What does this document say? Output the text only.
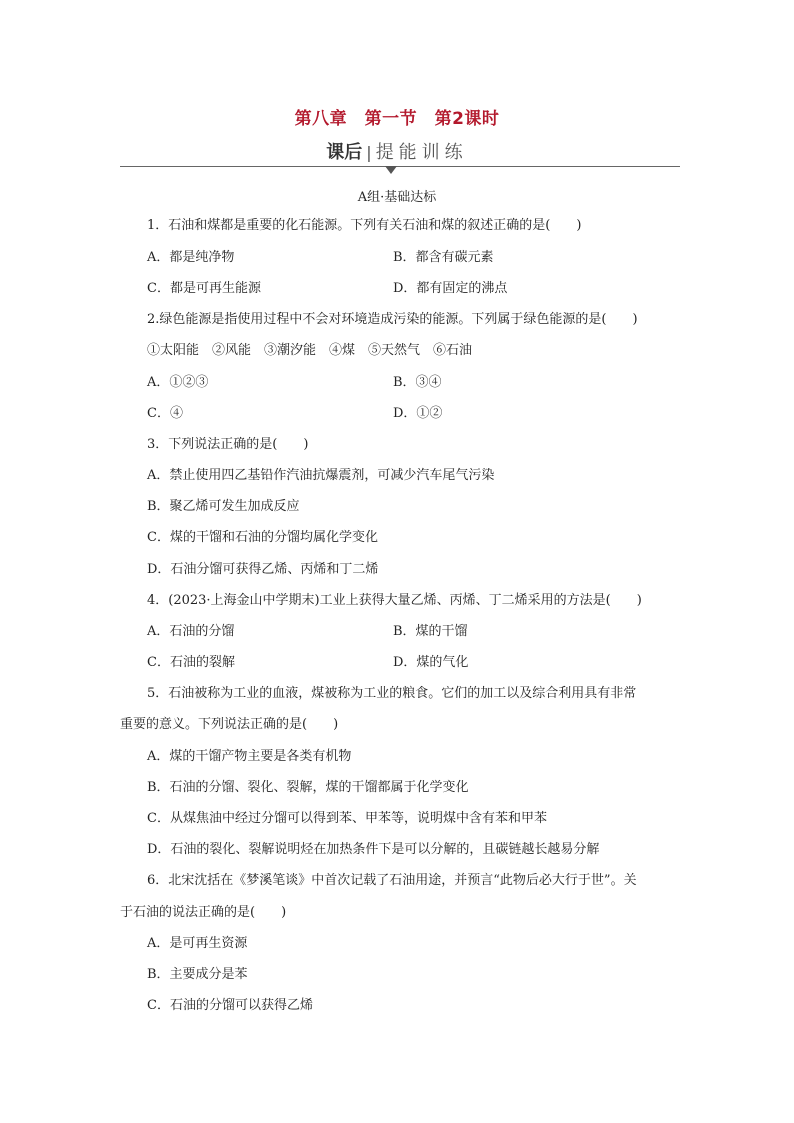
第八章　第一节　第2课时
课后 | 提能训练
A组·基础达标
1．石油和煤都是重要的化石能源。下列有关石油和煤的叙述正确的是(　　)
A．都是纯净物	B．都含有碳元素
C．都是可再生能源	D．都有固定的沸点
2.绿色能源是指使用过程中不会对环境造成污染的能源。下列属于绿色能源的是(　　)
①太阳能　②风能　③潮汐能　④煤　⑤天然气　⑥石油
A．①②③	B．③④
C．④	D．①②
3．下列说法正确的是(　　)
A．禁止使用四乙基铅作汽油抗爆震剂，可减少汽车尾气污染
B．聚乙烯可发生加成反应
C．煤的干馏和石油的分馏均属化学变化
D．石油分馏可获得乙烯、丙烯和丁二烯
4．(2023·上海金山中学期末)工业上获得大量乙烯、丙烯、丁二烯采用的方法是(　　)
A．石油的分馏	B．煤的干馏
C．石油的裂解	D．煤的气化
5．石油被称为工业的血液，煤被称为工业的粮食。它们的加工以及综合利用具有非常
重要的意义。下列说法正确的是(　　)
A．煤的干馏产物主要是各类有机物
B．石油的分馏、裂化、裂解，煤的干馏都属于化学变化
C．从煤焦油中经过分馏可以得到苯、甲苯等，说明煤中含有苯和甲苯
D．石油的裂化、裂解说明烃在加热条件下是可以分解的，且碳链越长越易分解
6．北宋沈括在《梦溪笔谈》中首次记载了石油用途，并预言“此物后必大行于世”。关
于石油的说法正确的是(　　)
A．是可再生资源
B．主要成分是苯
C．石油的分馏可以获得乙烯
